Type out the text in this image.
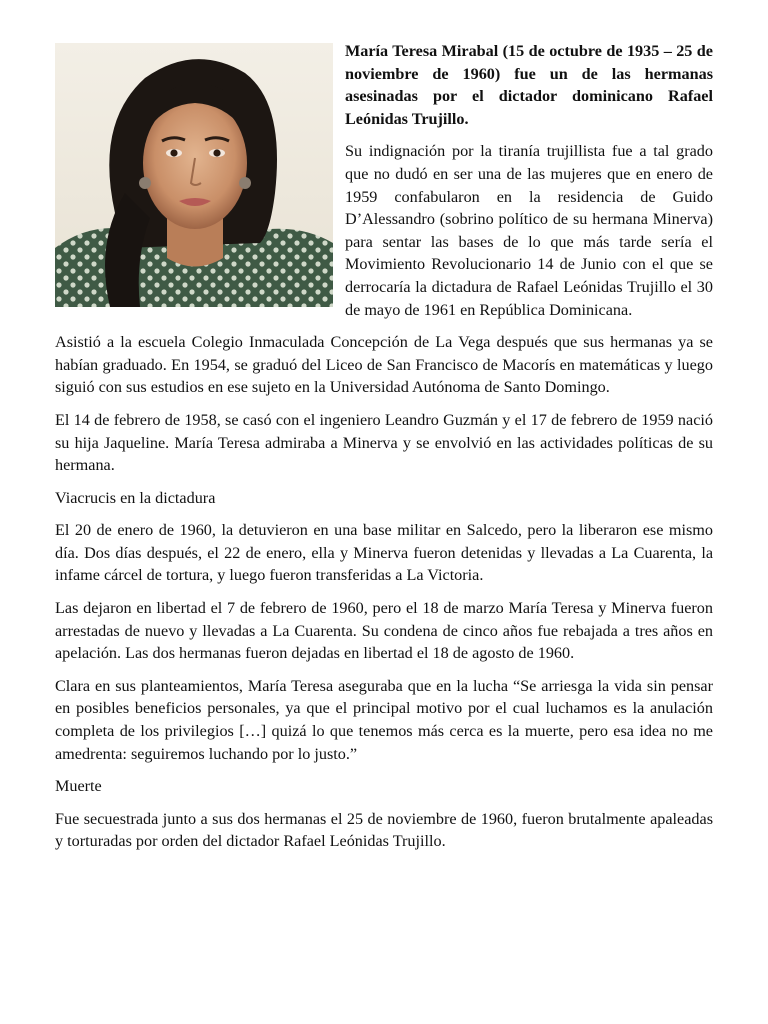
María Teresa Mirabal (15 de octubre de 1935 – 25 de noviembre de 1960) fue un de las hermanas asesinadas por el dictador dominicano Rafael Leónidas Trujillo.

Su indignación por la tiranía trujillista fue a tal grado que no dudó en ser una de las mujeres que en enero de 1959 confabularon en la residencia de Guido D’Alessandro (sobrino político de su hermana Minerva) para sentar las bases de lo que más tarde sería el Movimiento Revolucionario 14 de Junio con el que se derrocaría la dictadura de Rafael Leónidas Trujillo el 30 de mayo de 1961 en República Dominicana.

Asistió a la escuela Colegio Inmaculada Concepción de La Vega después que sus hermanas ya se habían graduado. En 1954, se graduó del Liceo de San Francisco de Macorís en matemáticas y luego siguió con sus estudios en ese sujeto en la Universidad Autónoma de Santo Domingo.

El 14 de febrero de 1958, se casó con el ingeniero Leandro Guzmán y el 17 de febrero de 1959 nació su hija Jaqueline. María Teresa admiraba a Minerva y se envolvió en las actividades políticas de su hermana.

Viacrucis en la dictadura

El 20 de enero de 1960, la detuvieron en una base militar en Salcedo, pero la liberaron ese mismo día. Dos días después, el 22 de enero, ella y Minerva fueron detenidas y llevadas a La Cuarenta, la infame cárcel de tortura, y luego fueron transferidas a La Victoria.

Las dejaron en libertad el 7 de febrero de 1960, pero el 18 de marzo María Teresa y Minerva fueron arrestadas de nuevo y llevadas a La Cuarenta. Su condena de cinco años fue rebajada a tres años en apelación. Las dos hermanas fueron dejadas en libertad el 18 de agosto de 1960.

Clara en sus planteamientos, María Teresa aseguraba que en la lucha “Se arriesga la vida sin pensar en posibles beneficios personales, ya que el principal motivo por el cual luchamos es la anulación completa de los privilegios […] quizá lo que tenemos más cerca es la muerte, pero esa idea no me amedrenta: seguiremos luchando por lo justo.”

Muerte

Fue secuestrada junto a sus dos hermanas el 25 de noviembre de 1960, fueron brutalmente apaleadas y torturadas por orden del dictador Rafael Leónidas Trujillo.
